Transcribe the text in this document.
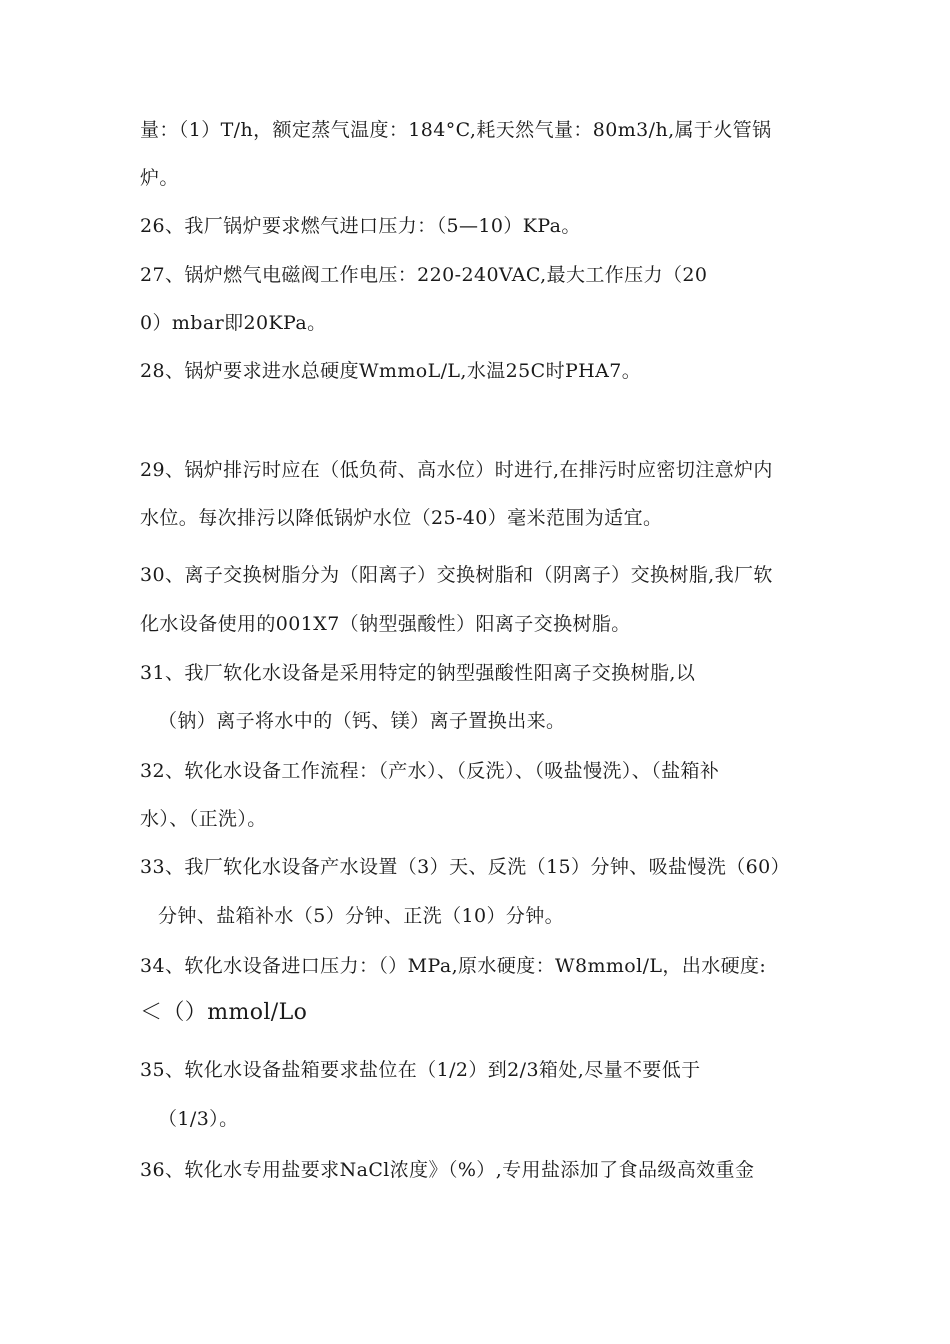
量：（1）T/h，额定蒸气温度：184°C,耗天然气量：80m3/h,属于火管锅
炉。
26、我厂锅炉要求燃气进口压力：（5—10）KPa。
27、锅炉燃气电磁阀工作电压：220-240VAC,最大工作压力（20
0）mbar即20KPa。
28、锅炉要求进水总硬度WmmoL/L,水温25C时PHA7。
29、锅炉排污时应在（低负荷、高水位）时进行,在排污时应密切注意炉内
水位。每次排污以降低锅炉水位（25-40）毫米范围为适宜。
30、离子交换树脂分为（阳离子）交换树脂和（阴离子）交换树脂,我厂软
化水设备使用的001X7（钠型强酸性）阳离子交换树脂。
31、我厂软化水设备是采用特定的钠型强酸性阳离子交换树脂,以
（钠）离子将水中的（钙、镁）离子置换出来。
32、软化水设备工作流程：（产水）、（反洗）、（吸盐慢洗）、（盐箱补
水）、（正洗）。
33、我厂软化水设备产水设置（3）天、反洗（15）分钟、吸盐慢洗（60）
分钟、盐箱补水（5）分钟、正洗（10）分钟。
34、软化水设备进口压力：（）MPa,原水硬度：W8mmol/L，出水硬度:
＜（）mmol/Lo
35、软化水设备盐箱要求盐位在（1/2）到2/3箱处,尽量不要低于
（1/3）。
36、软化水专用盐要求NaCl浓度》（%）,专用盐添加了食品级高效重金
